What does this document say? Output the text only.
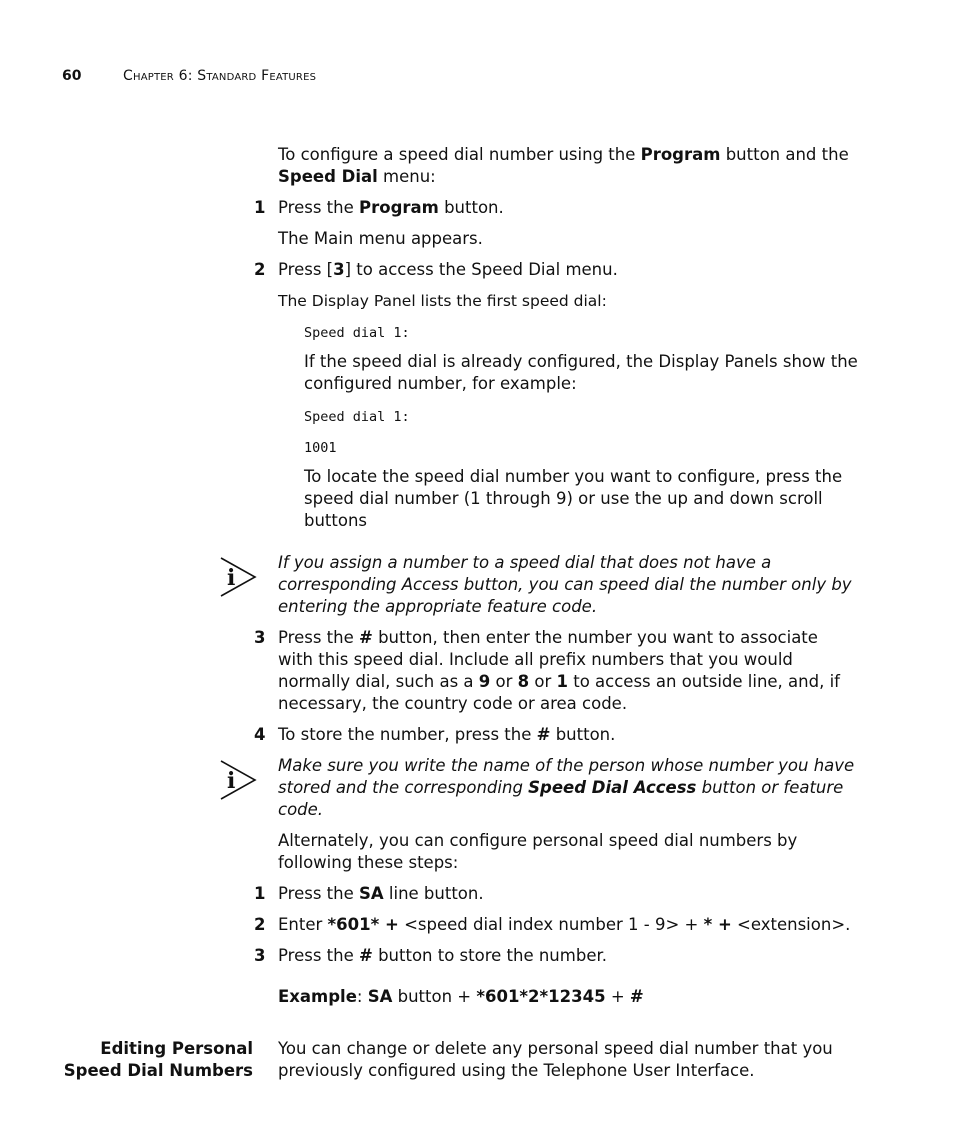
60	Chapter 6: Standard Features

To configure a speed dial number using the Program button and the Speed Dial menu:

1 Press the Program button.

The Main menu appears.

2 Press [3] to access the Speed Dial menu.

The Display Panel lists the first speed dial:

Speed dial 1:

If the speed dial is already configured, the Display Panels show the configured number, for example:

Speed dial 1:

1001

To locate the speed dial number you want to configure, press the speed dial number (1 through 9) or use the up and down scroll buttons

i

If you assign a number to a speed dial that does not have a corresponding Access button, you can speed dial the number only by entering the appropriate feature code.

3 Press the # button, then enter the number you want to associate with this speed dial. Include all prefix numbers that you would normally dial, such as a 9 or 8 or 1 to access an outside line, and, if necessary, the country code or area code.

4 To store the number, press the # button.

i

Make sure you write the name of the person whose number you have stored and the corresponding Speed Dial Access button or feature code.

Alternately, you can configure personal speed dial numbers by following these steps:

1 Press the SA line button.

2 Enter *601* + <speed dial index number 1 - 9> + * + <extension>.

3 Press the # button to store the number.

Example: SA button + *601*2*12345 + #

Editing Personal
Speed Dial Numbers

You can change or delete any personal speed dial number that you previously configured using the Telephone User Interface.
